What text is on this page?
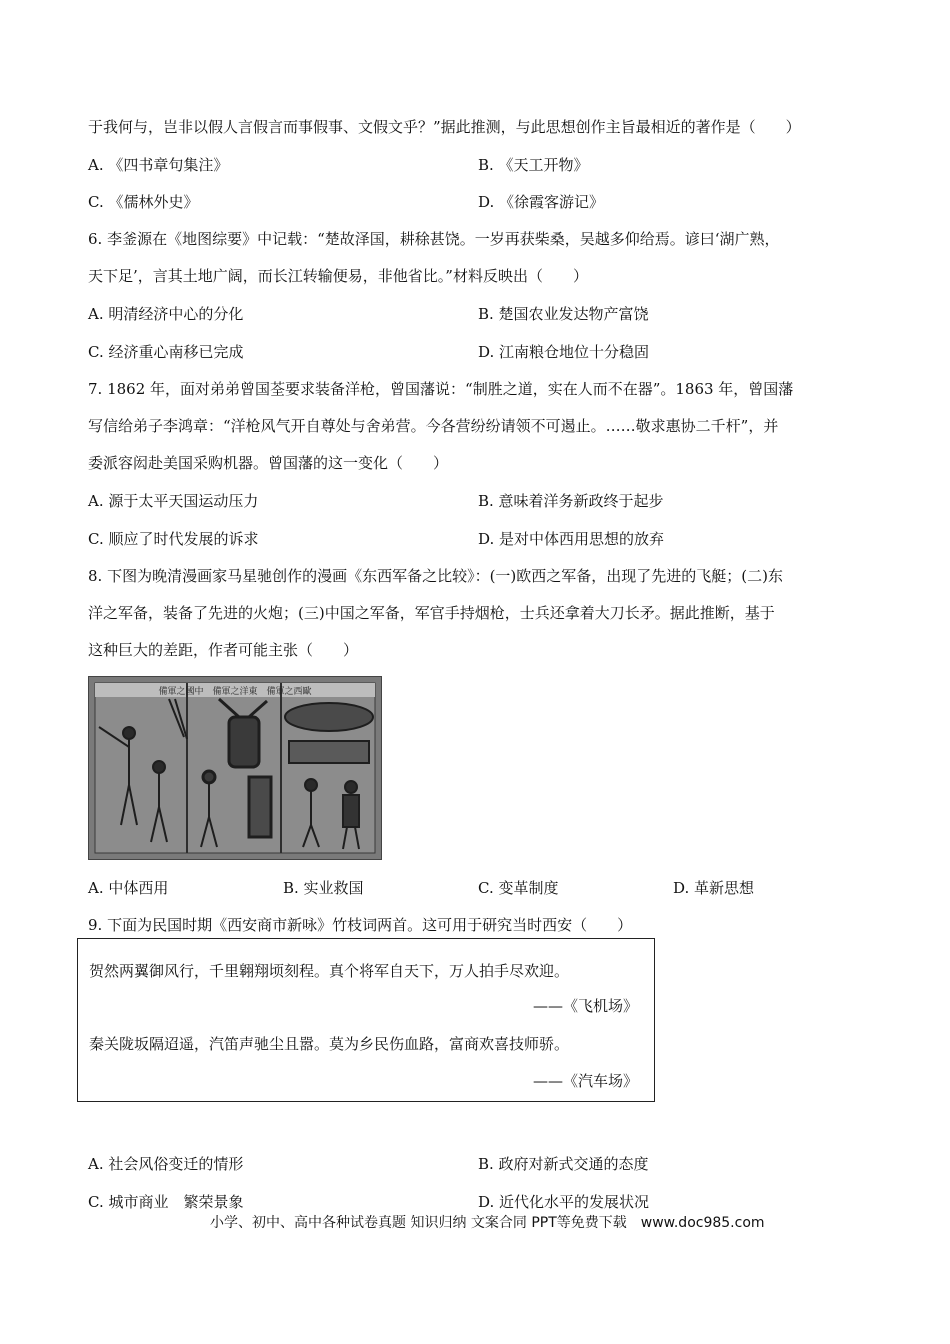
于我何与，岂非以假人言假言而事假事、文假文乎？”据此推测，与此思想创作主旨最相近的著作是（　　）
A. 《四书章句集注》	B. 《天工开物》
C. 《儒林外史》	D. 《徐霞客游记》
6. 李釜源在《地图综要》中记载：“楚故泽国，耕稌甚饶。一岁再获柴桑，吴越多仰给焉。谚曰‘湖广熟，
天下足’，言其土地广阔，而长江转输便易，非他省比。”材料反映出（　　）
A. 明清经济中心的分化	B. 楚国农业发达物产富饶
C. 经济重心南移已完成	D. 江南粮仓地位十分稳固
7. 1862 年，面对弟弟曾国荃要求装备洋枪，曾国藩说：“制胜之道，实在人而不在器”。1863 年，曾国藩
写信给弟子李鸿章：“洋枪风气开自尊处与舍弟营。今各营纷纷请领不可遏止。……敬求惠协二千杆”，并
委派容闳赴美国采购机器。曾国藩的这一变化（　　）
A. 源于太平天国运动压力	B. 意味着洋务新政终于起步
C. 顺应了时代发展的诉求	D. 是对中体西用思想的放弃
8. 下图为晚清漫画家马星驰创作的漫画《东西军备之比较》：(一)欧西之军备，出现了先进的飞艇；(二)东
洋之军备，装备了先进的火炮；(三)中国之军备，军官手持烟枪，士兵还拿着大刀长矛。据此推断，基于
这种巨大的差距，作者可能主张（　　）
備軍之國中　備軍之洋東　備軍之西歐
A. 中体西用	B. 实业救国	C. 变革制度	D. 革新思想
9. 下面为民国时期《西安商市新咏》竹枝词两首。这可用于研究当时西安（　　）
贺然两翼御风行，千里翱翔顷刻程。真个将军自天下，万人拍手尽欢迎。
——《飞机场》
秦关陇坂隔迢遥，汽笛声驰尘且嚣。莫为乡民伤血路，富商欢喜技师骄。
——《汽车场》
A. 社会风俗变迁的情形	B. 政府对新式交通的态度
C. 城市商业　繁荣景象	D. 近代化水平的发展状况
小学、初中、高中各种试卷真题 知识归纳 文案合同 PPT等免费下载　www.doc985.com
